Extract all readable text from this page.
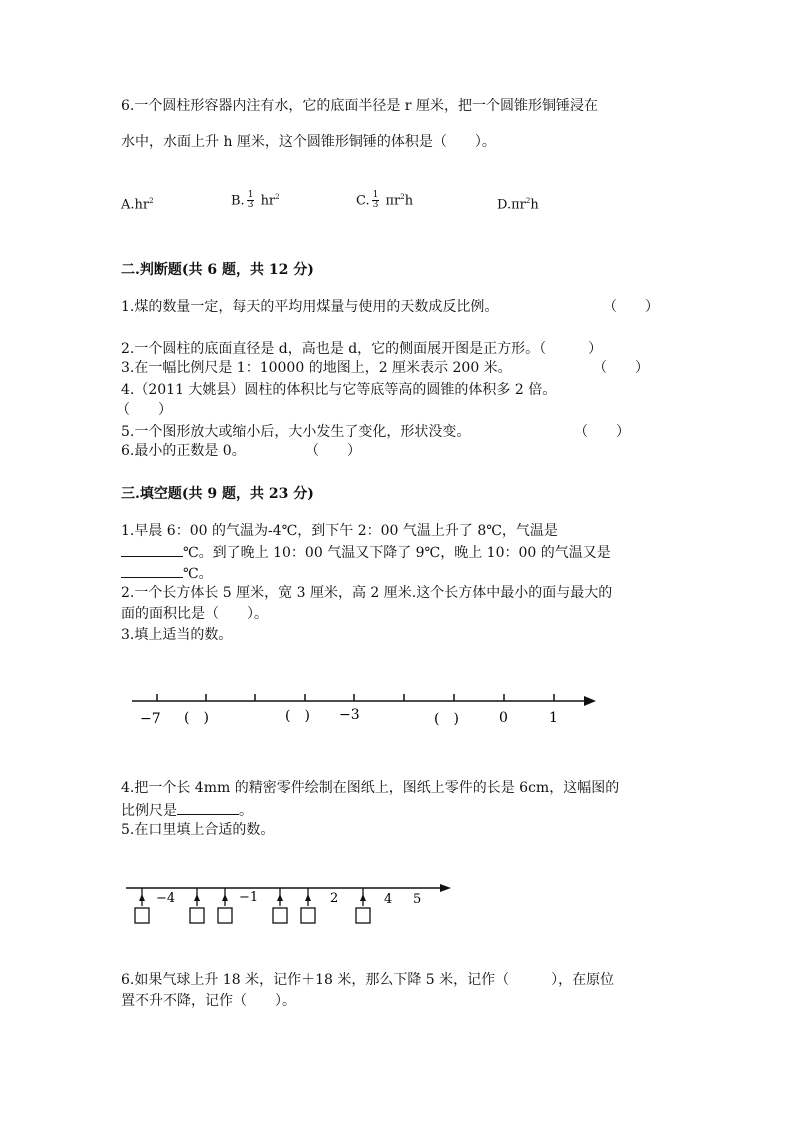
6.一个圆柱形容器内注有水，它的底面半径是 r 厘米，把一个圆锥形铜锤浸在
水中，水面上升 h 厘米，这个圆锥形铜锤的体积是（　　）。
$A.hr^2$	B. $\frac{1}{3} hr^2$	C. $\frac{1}{3} \pi r^2h$	$D.\pi r^2h$
二.判断题(共 6 题，共 12 分)
1.煤的数量一定，每天的平均用煤量与使用的天数成反比例。	（　　）
2.一个圆柱的底面直径是 d，高也是 d，它的侧面展开图是正方形。（　　　）
3.在一幅比例尺是 1：10000 的地图上，2 厘米表示 200 米。	（　　）
4.（2011 大姚县）圆柱的体积比与它等底等高的圆锥的体积多 2 倍。
（　　）
5.一个图形放大或缩小后，大小发生了变化，形状没变。	（　　）
6.最小的正数是 0。	（　　）
三.填空题(共 9 题，共 23 分)
1.早晨 6：00 的气温为-4℃，到下午 2：00 气温上升了 8℃，气温是
℃。到了晚上 10：00 气温又下降了 9℃，晚上 10：00 的气温又是
℃。
2.一个长方体长 5 厘米，宽 3 厘米，高 2 厘米.这个长方体中最小的面与最大的
面的面积比是（　　）。
3.填上适当的数。
−7 (　)	(　) −3	(　)	0	1
4.把一个长 4mm 的精密零件绘制在图纸上，图纸上零件的长是 6cm，这幅图的
比例尺是	。
5.在口里填上合适的数。
−4	−1	2	4 5
6.如果气球上升 18 米，记作＋18 米，那么下降 5 米，记作（　　　），在原位
置不升不降，记作（　　）。
